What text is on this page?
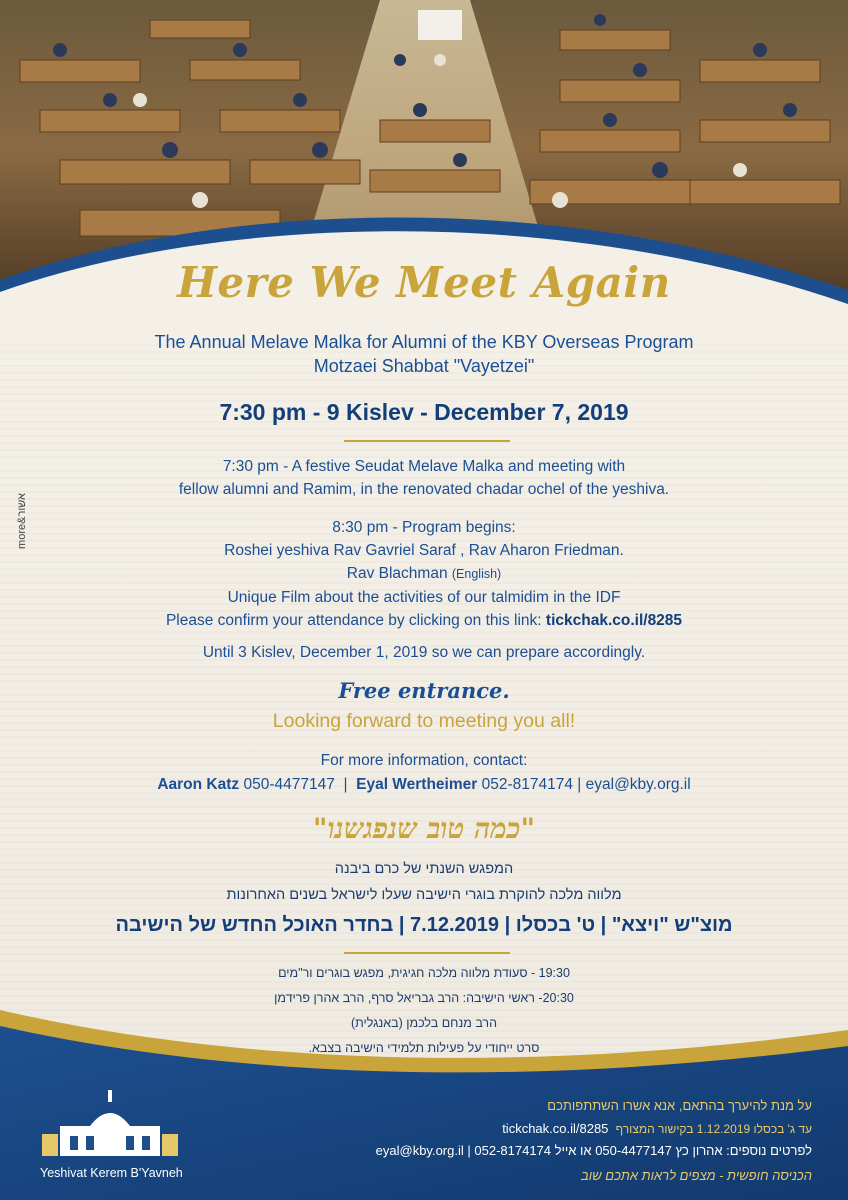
Here We Meet Again
The Annual Melave Malka for Alumni of the KBY Overseas Program
Motzaei Shabbat "Vayetzei"
7:30 pm - 9 Kislev - December 7, 2019
7:30 pm - A festive Seudat Melave Malka and meeting with
fellow alumni and Ramim, in the renovated chadar ochel of the yeshiva.
8:30 pm - Program begins:
Roshei yeshiva Rav Gavriel Saraf , Rav Aharon Friedman.
Rav Blachman (English)
Unique Film about the activities of our talmidim in the IDF
Please confirm your attendance by clicking on this link: tickchak.co.il/8285
Until 3 Kislev, December 1, 2019 so we can prepare accordingly.
Free entrance.
Looking forward to meeting you all!
For more information, contact:
Aaron Katz 050-4477147 | Eyal Wertheimer 052-8174174 | eyal@kby.org.il
"כמה טוב שנפגשנו"
המפגש השנתי של כרם ביבנה
מלווה מלכה להוקרת בוגרי הישיבה שעלו לישראל בשנים האחרונות
מוצ"ש "ויצא" | ט' בכסלו | 7.12.2019 | בחדר האוכל החדש של הישיבה
19:30 - סעודת מלווה מלכה חגיגית, מפגש בוגרים ור"מים
20:30- ראשי הישיבה: הרב גבריאל סרף, הרב אהרן פרידמן
הרב מנחם בלכמן (באנגלית)
סרט ייחודי על פעילות תלמידי הישיבה בצבא.
Yeshivat Kerem B'Yavneh
על מנת להיערך בהתאם, אנא אשרו השתתפותכם
tickchak.co.il/8285 עד ג' בכסלו 1.12.2019 בקישור המצורף
לפרטים נוספים: אהרון כץ 050-4477147 או אייל 052-8174174 | eyal@kby.org.il
הכניסה חופשית - מצפים לראות אתכם שוב
more&אשור
